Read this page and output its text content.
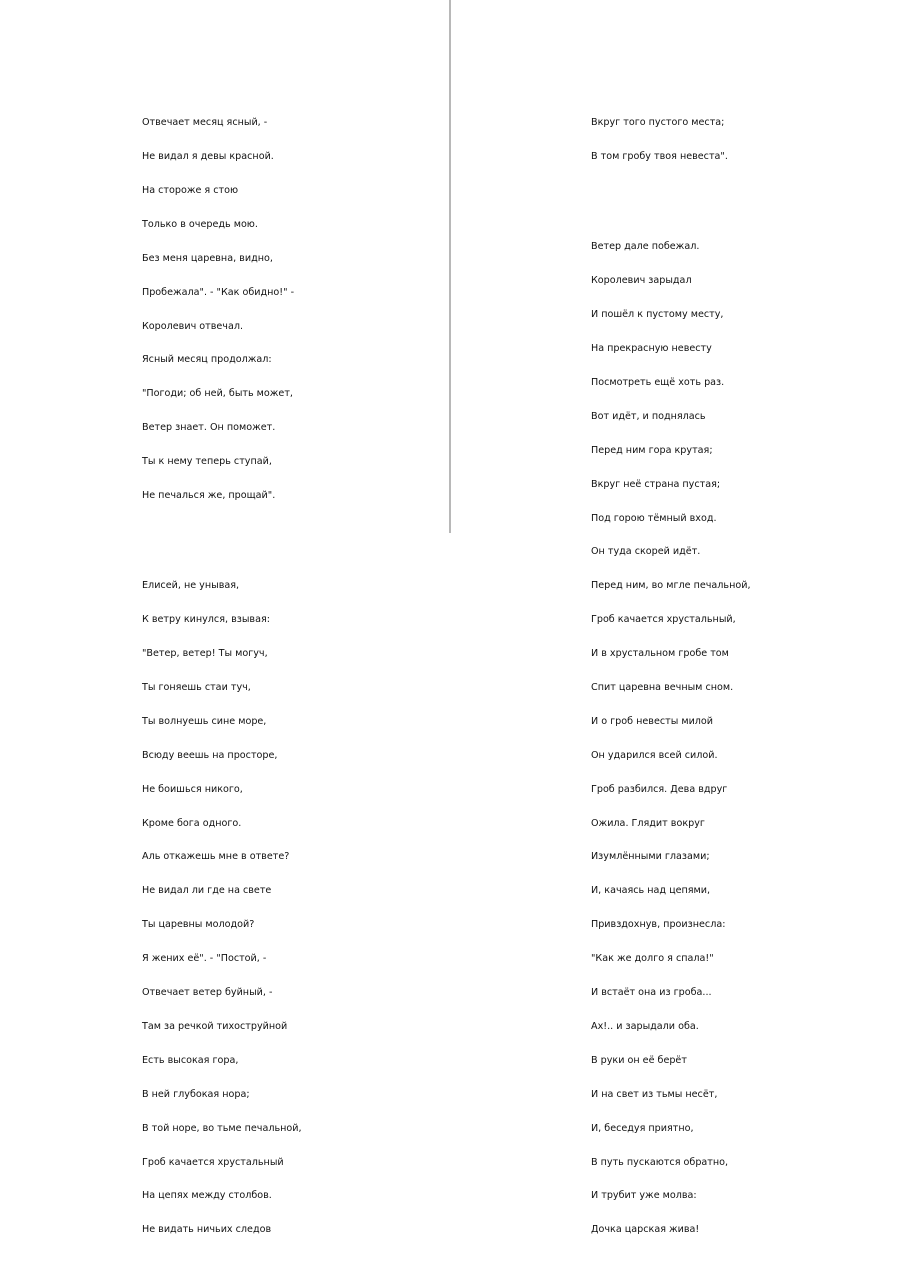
Отвечает месяц ясный, -

Не видал я девы красной.

На стороже я стою

Только в очередь мою.

Без меня царевна, видно,

Пробежала". - "Как обидно!" -

Королевич отвечал.

Ясный месяц продолжал:

"Погоди; об ней, быть может,

Ветер знает. Он поможет.

Ты к нему теперь ступай,

Не печалься же, прощай".

Елисей, не унывая,

К ветру кинулся, взывая:

"Ветер, ветер! Ты могуч,

Ты гоняешь стаи туч,

Ты волнуешь сине море,

Всюду веешь на просторе,

Не боишься никого,

Кроме бога одного.

Аль откажешь мне в ответе?

Не видал ли где на свете

Ты царевны молодой?

Я жених её". - "Постой, -

Отвечает ветер буйный, -

Там за речкой тихоструйной

Есть высокая гора,

В ней глубокая нора;

В той норе, во тьме печальной,

Гроб качается хрустальный

На цепях между столбов.

Не видать ничьих следов

Вкруг того пустого места;

В том гробу твоя невеста".

Ветер дале побежал.

Королевич зарыдал

И пошёл к пустому месту,

На прекрасную невесту

Посмотреть ещё хоть раз.

Вот идёт, и поднялась

Перед ним гора крутая;

Вкруг неё страна пустая;

Под горою тёмный вход.

Он туда скорей идёт.

Перед ним, во мгле печальной,

Гроб качается хрустальный,

И в хрустальном гробе том

Спит царевна вечным сном.

И о гроб невесты милой

Он ударился всей силой.

Гроб разбился. Дева вдруг

Ожила. Глядит вокруг

Изумлёнными глазами;

И, качаясь над цепями,

Привздохнув, произнесла:

"Как же долго я спала!"

И встаёт она из гроба...

Ах!.. и зарыдали оба.

В руки он её берёт

И на свет из тьмы несёт,

И, беседуя приятно,

В путь пускаются обратно,

И трубит уже молва:

Дочка царская жива!
